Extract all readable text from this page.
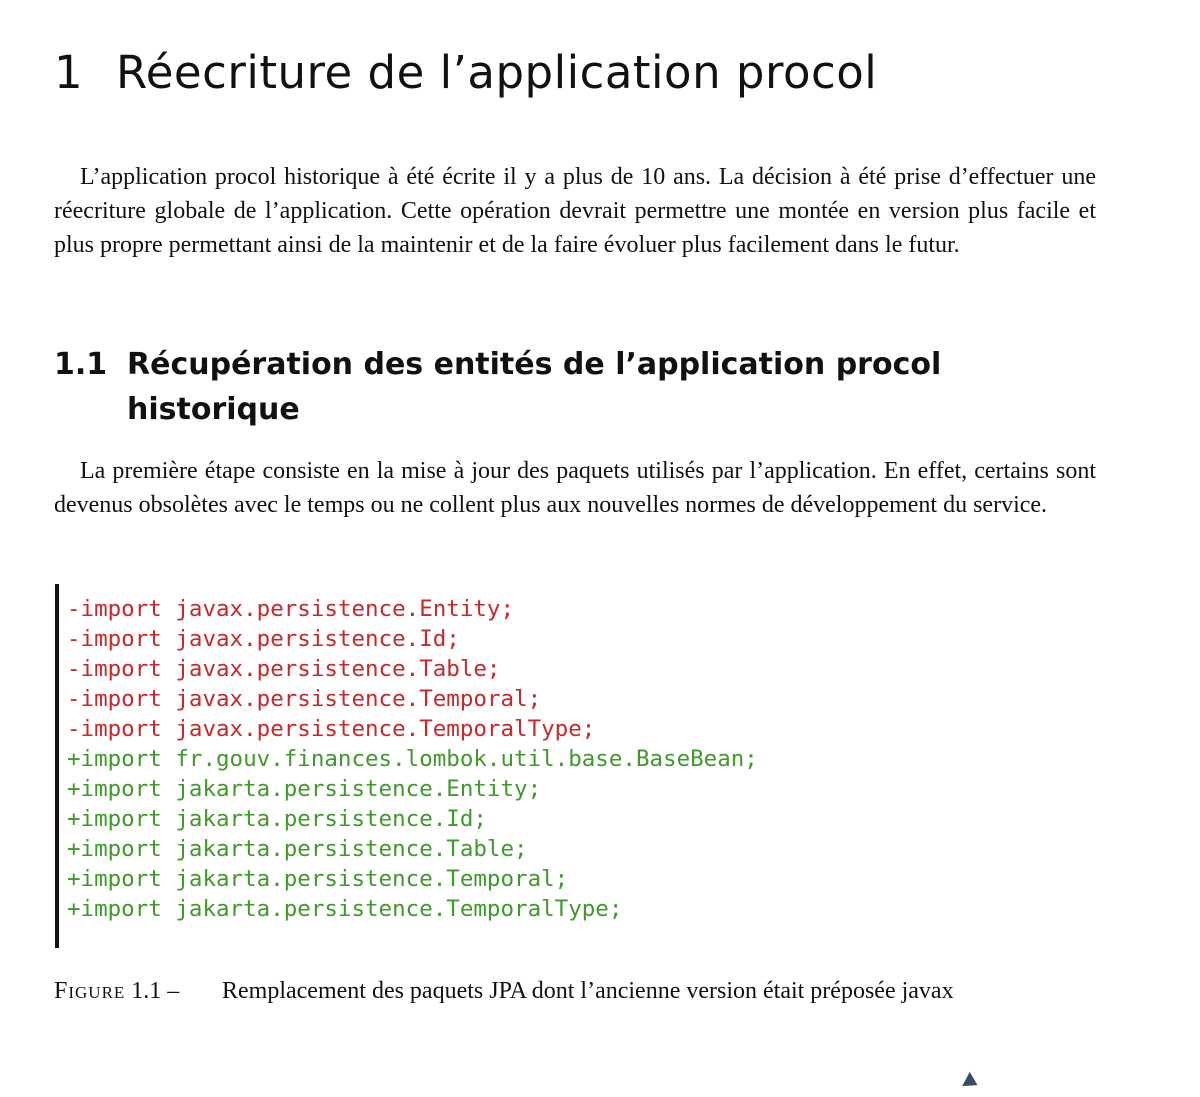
1 Réecriture de l’application procol

L’application procol historique à été écrite il y a plus de 10 ans. La décision à été prise d’effectuer une réecriture globale de l’application. Cette opération devrait permettre une montée en version plus facile et plus propre permettant ainsi de la maintenir et de la faire évoluer plus facilement dans le futur.

1.1 Récupération des entités de l’application procol historique

La première étape consiste en la mise à jour des paquets utilisés par l’application. En effet, certains sont devenus obsolètes avec le temps ou ne collent plus aux nouvelles normes de développement du service.

-import javax.persistence.Entity;
-import javax.persistence.Id;
-import javax.persistence.Table;
-import javax.persistence.Temporal;
-import javax.persistence.TemporalType;
+import fr.gouv.finances.lombok.util.base.BaseBean;
+import jakarta.persistence.Entity;
+import jakarta.persistence.Id;
+import jakarta.persistence.Table;
+import jakarta.persistence.Temporal;
+import jakarta.persistence.TemporalType;
Figure 1.1 – Remplacement des paquets JPA dont l’ancienne version était préposée javax
